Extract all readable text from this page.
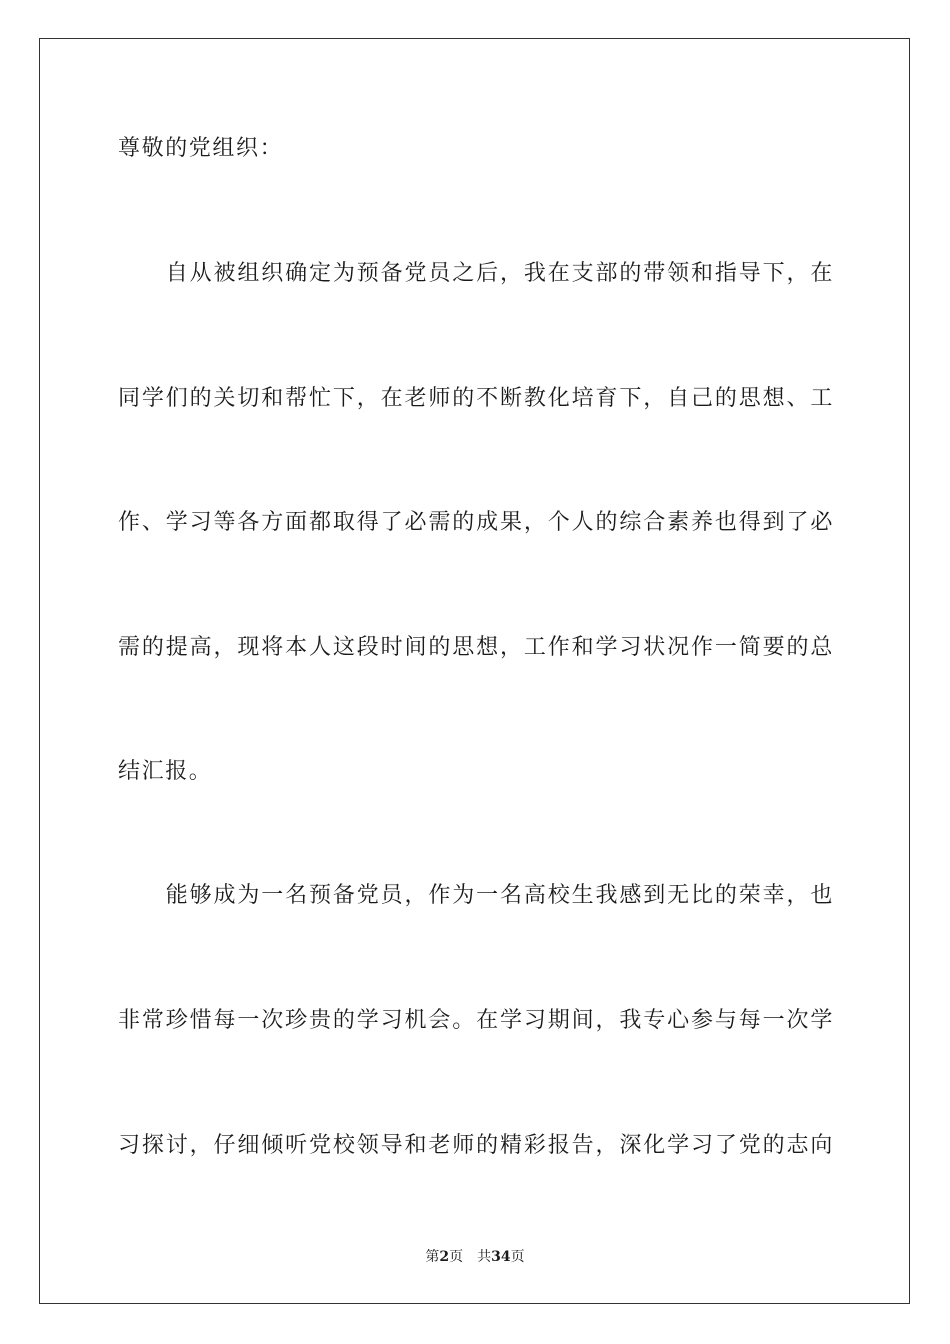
尊敬的党组织：
　　自从被组织确定为预备党员之后，我在支部的带领和指导下，在
同学们的关切和帮忙下，在老师的不断教化培育下，自己的思想、工
作、学习等各方面都取得了必需的成果，个人的综合素养也得到了必
需的提高，现将本人这段时间的思想，工作和学习状况作一简要的总
结汇报。
　　能够成为一名预备党员，作为一名高校生我感到无比的荣幸，也
非常珍惜每一次珍贵的学习机会。在学习期间，我专心参与每一次学
习探讨，仔细倾听党校领导和老师的精彩报告，深化学习了党的志向
第2页 共34页
